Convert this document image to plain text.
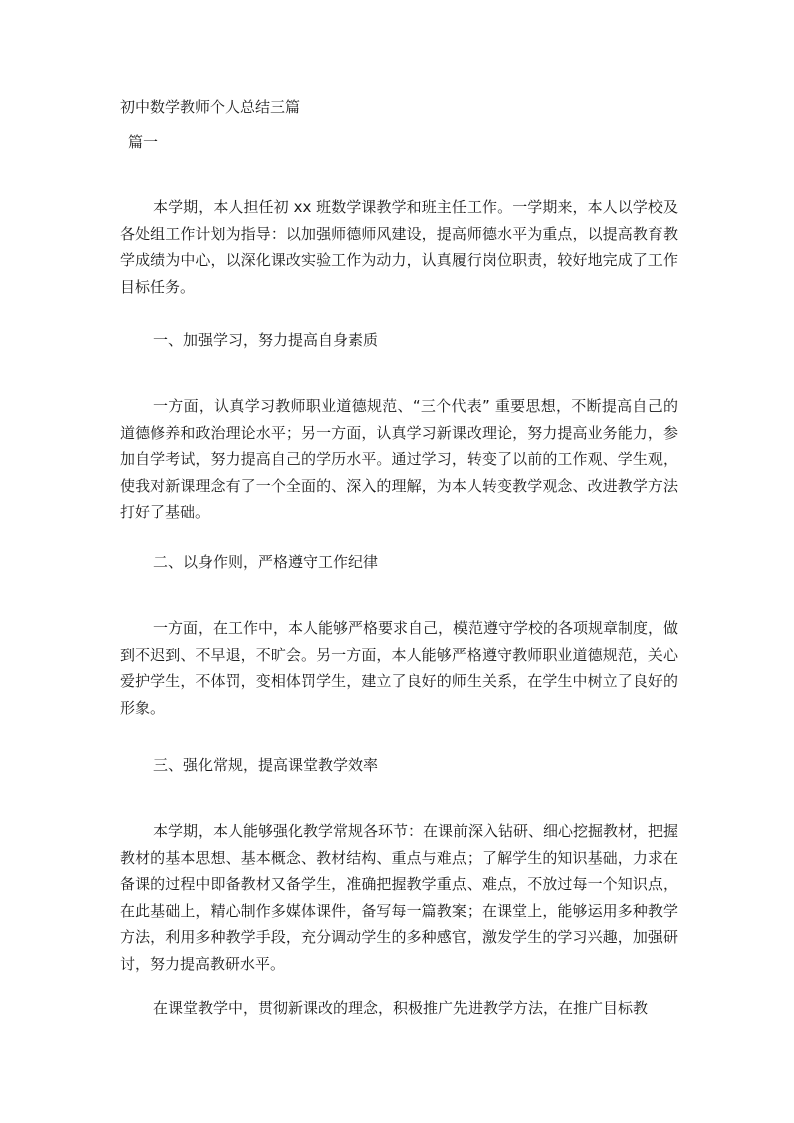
初中数学教师个人总结三篇
篇一

本学期，本人担任初 xx 班数学课教学和班主任工作。一学期来，本人以学校及各处组工作计划为指导：以加强师德师风建设，提高师德水平为重点，以提高教育教学成绩为中心，以深化课改实验工作为动力，认真履行岗位职责，较好地完成了工作目标任务。

一、加强学习，努力提高自身素质

一方面，认真学习教师职业道德规范、“三个代表” 重要思想，不断提高自己的道德修养和政治理论水平；另一方面，认真学习新课改理论，努力提高业务能力，参加自学考试，努力提高自己的学历水平。通过学习，转变了以前的工作观、学生观，使我对新课理念有了一个全面的、深入的理解，为本人转变教学观念、改进教学方法打好了基础。

二、以身作则，严格遵守工作纪律

一方面，在工作中，本人能够严格要求自己，模范遵守学校的各项规章制度，做到不迟到、不早退，不旷会。另一方面，本人能够严格遵守教师职业道德规范，关心爱护学生，不体罚，变相体罚学生，建立了良好的师生关系，在学生中树立了良好的形象。

三、强化常规，提高课堂教学效率

本学期，本人能够强化教学常规各环节：在课前深入钻研、细心挖掘教材，把握教材的基本思想、基本概念、教材结构、重点与难点；了解学生的知识基础，力求在备课的过程中即备教材又备学生，准确把握教学重点、难点，不放过每一个知识点，在此基础上，精心制作多媒体课件，备写每一篇教案；在课堂上，能够运用多种教学方法，利用多种教学手段，充分调动学生的多种感官，激发学生的学习兴趣，加强研讨，努力提高教研水平。

在课堂教学中，贯彻新课改的理念，积极推广先进教学方法，在推广目标教
